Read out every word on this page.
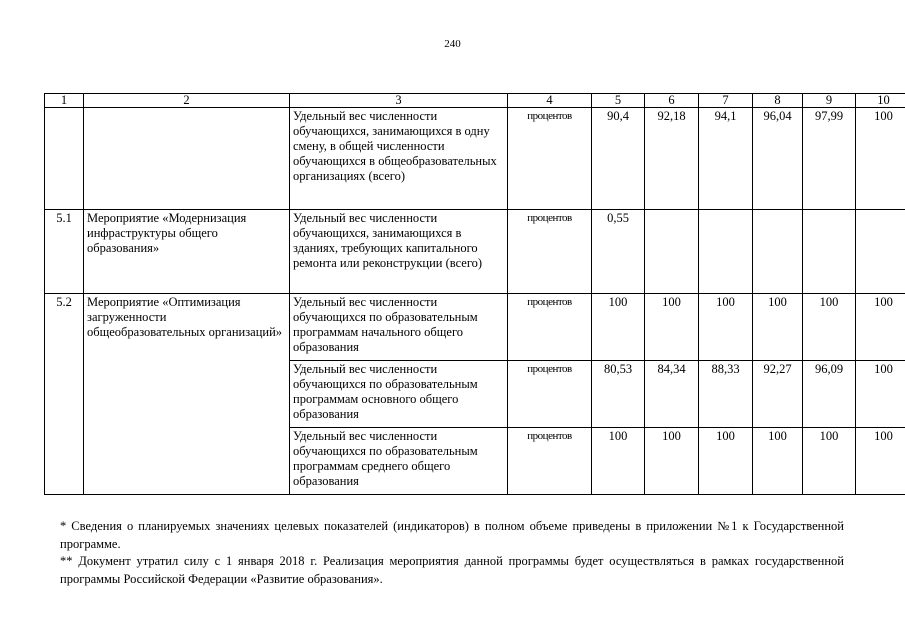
240
1	2	3	4	5	6	7	8	9	10
		Удельный вес численности обучающихся, занимающихся в одну смену, в общей численности обучающихся в общеобразовательных организациях (всего)	процентов	90,4	92,18	94,1	96,04	97,99	100
5.1	Мероприятие «Модернизация инфраструктуры общего образования»	Удельный вес численности обучающихся, занимающихся в зданиях, требующих капитального ремонта или реконструкции (всего)	процентов	0,55					
5.2	Мероприятие «Оптимизация загруженности общеобразовательных организаций»	Удельный вес численности обучающихся по образовательным программам начального общего образования	процентов	100	100	100	100	100	100
		Удельный вес численности обучающихся по образовательным программам основного общего образования	процентов	80,53	84,34	88,33	92,27	96,09	100
		Удельный вес численности обучающихся по образовательным программам среднего общего образования	процентов	100	100	100	100	100	100

* Сведения о планируемых значениях целевых показателей (индикаторов) в полном объеме приведены в приложении №1 к Государственной программе.

** Документ утратил силу с 1 января 2018 г. Реализация мероприятия данной программы будет осуществляться в рамках государственной программы Российской Федерации «Развитие образования».
